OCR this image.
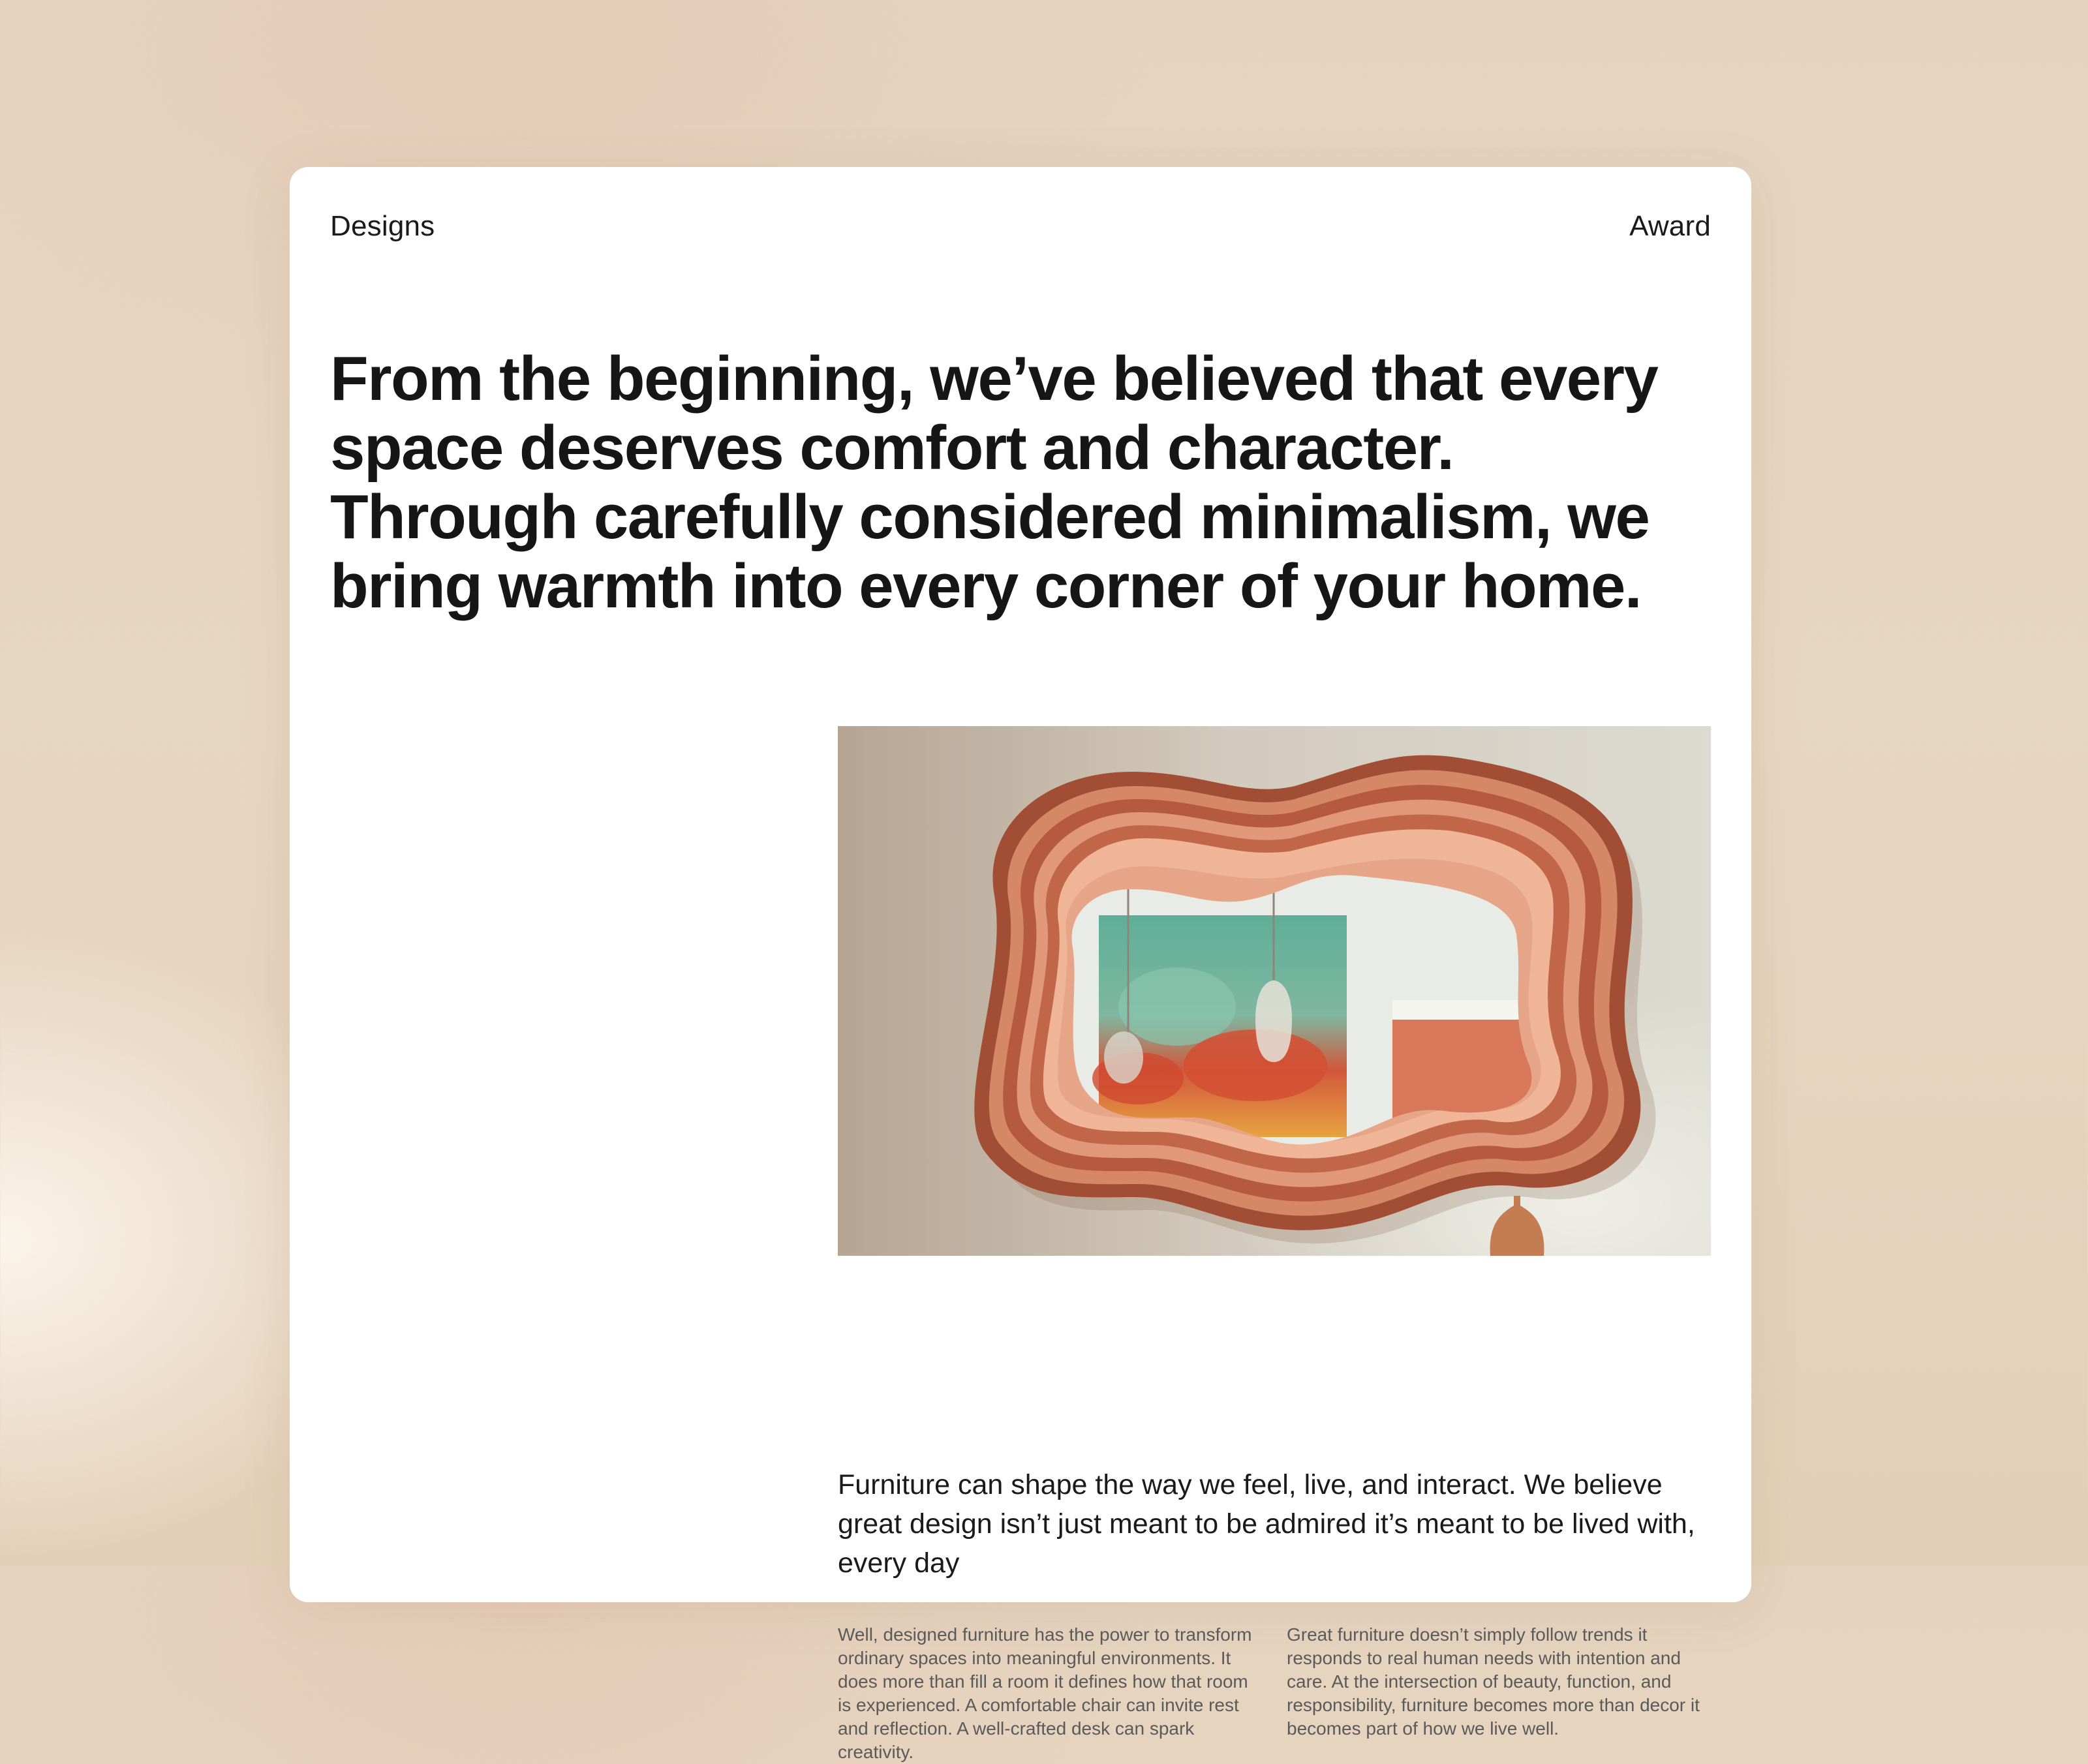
Designs	Award
From the beginning, we’ve believed that every space deserves comfort and character. Through carefully considered minimalism, we bring warmth into every corner of your home.
Furniture can shape the way we feel, live, and interact. We believe great design isn’t just meant to be admired it’s meant to be lived with, every day
Well, designed furniture has the power to transform ordinary spaces into meaningful environments. It does more than fill a room it defines how that room is experienced. A comfortable chair can invite rest and reflection. A well-crafted desk can spark creativity.
Great furniture doesn’t simply follow trends it responds to real human needs with intention and care. At the intersection of beauty, function, and responsibility, furniture becomes more than decor it becomes part of how we live well.
